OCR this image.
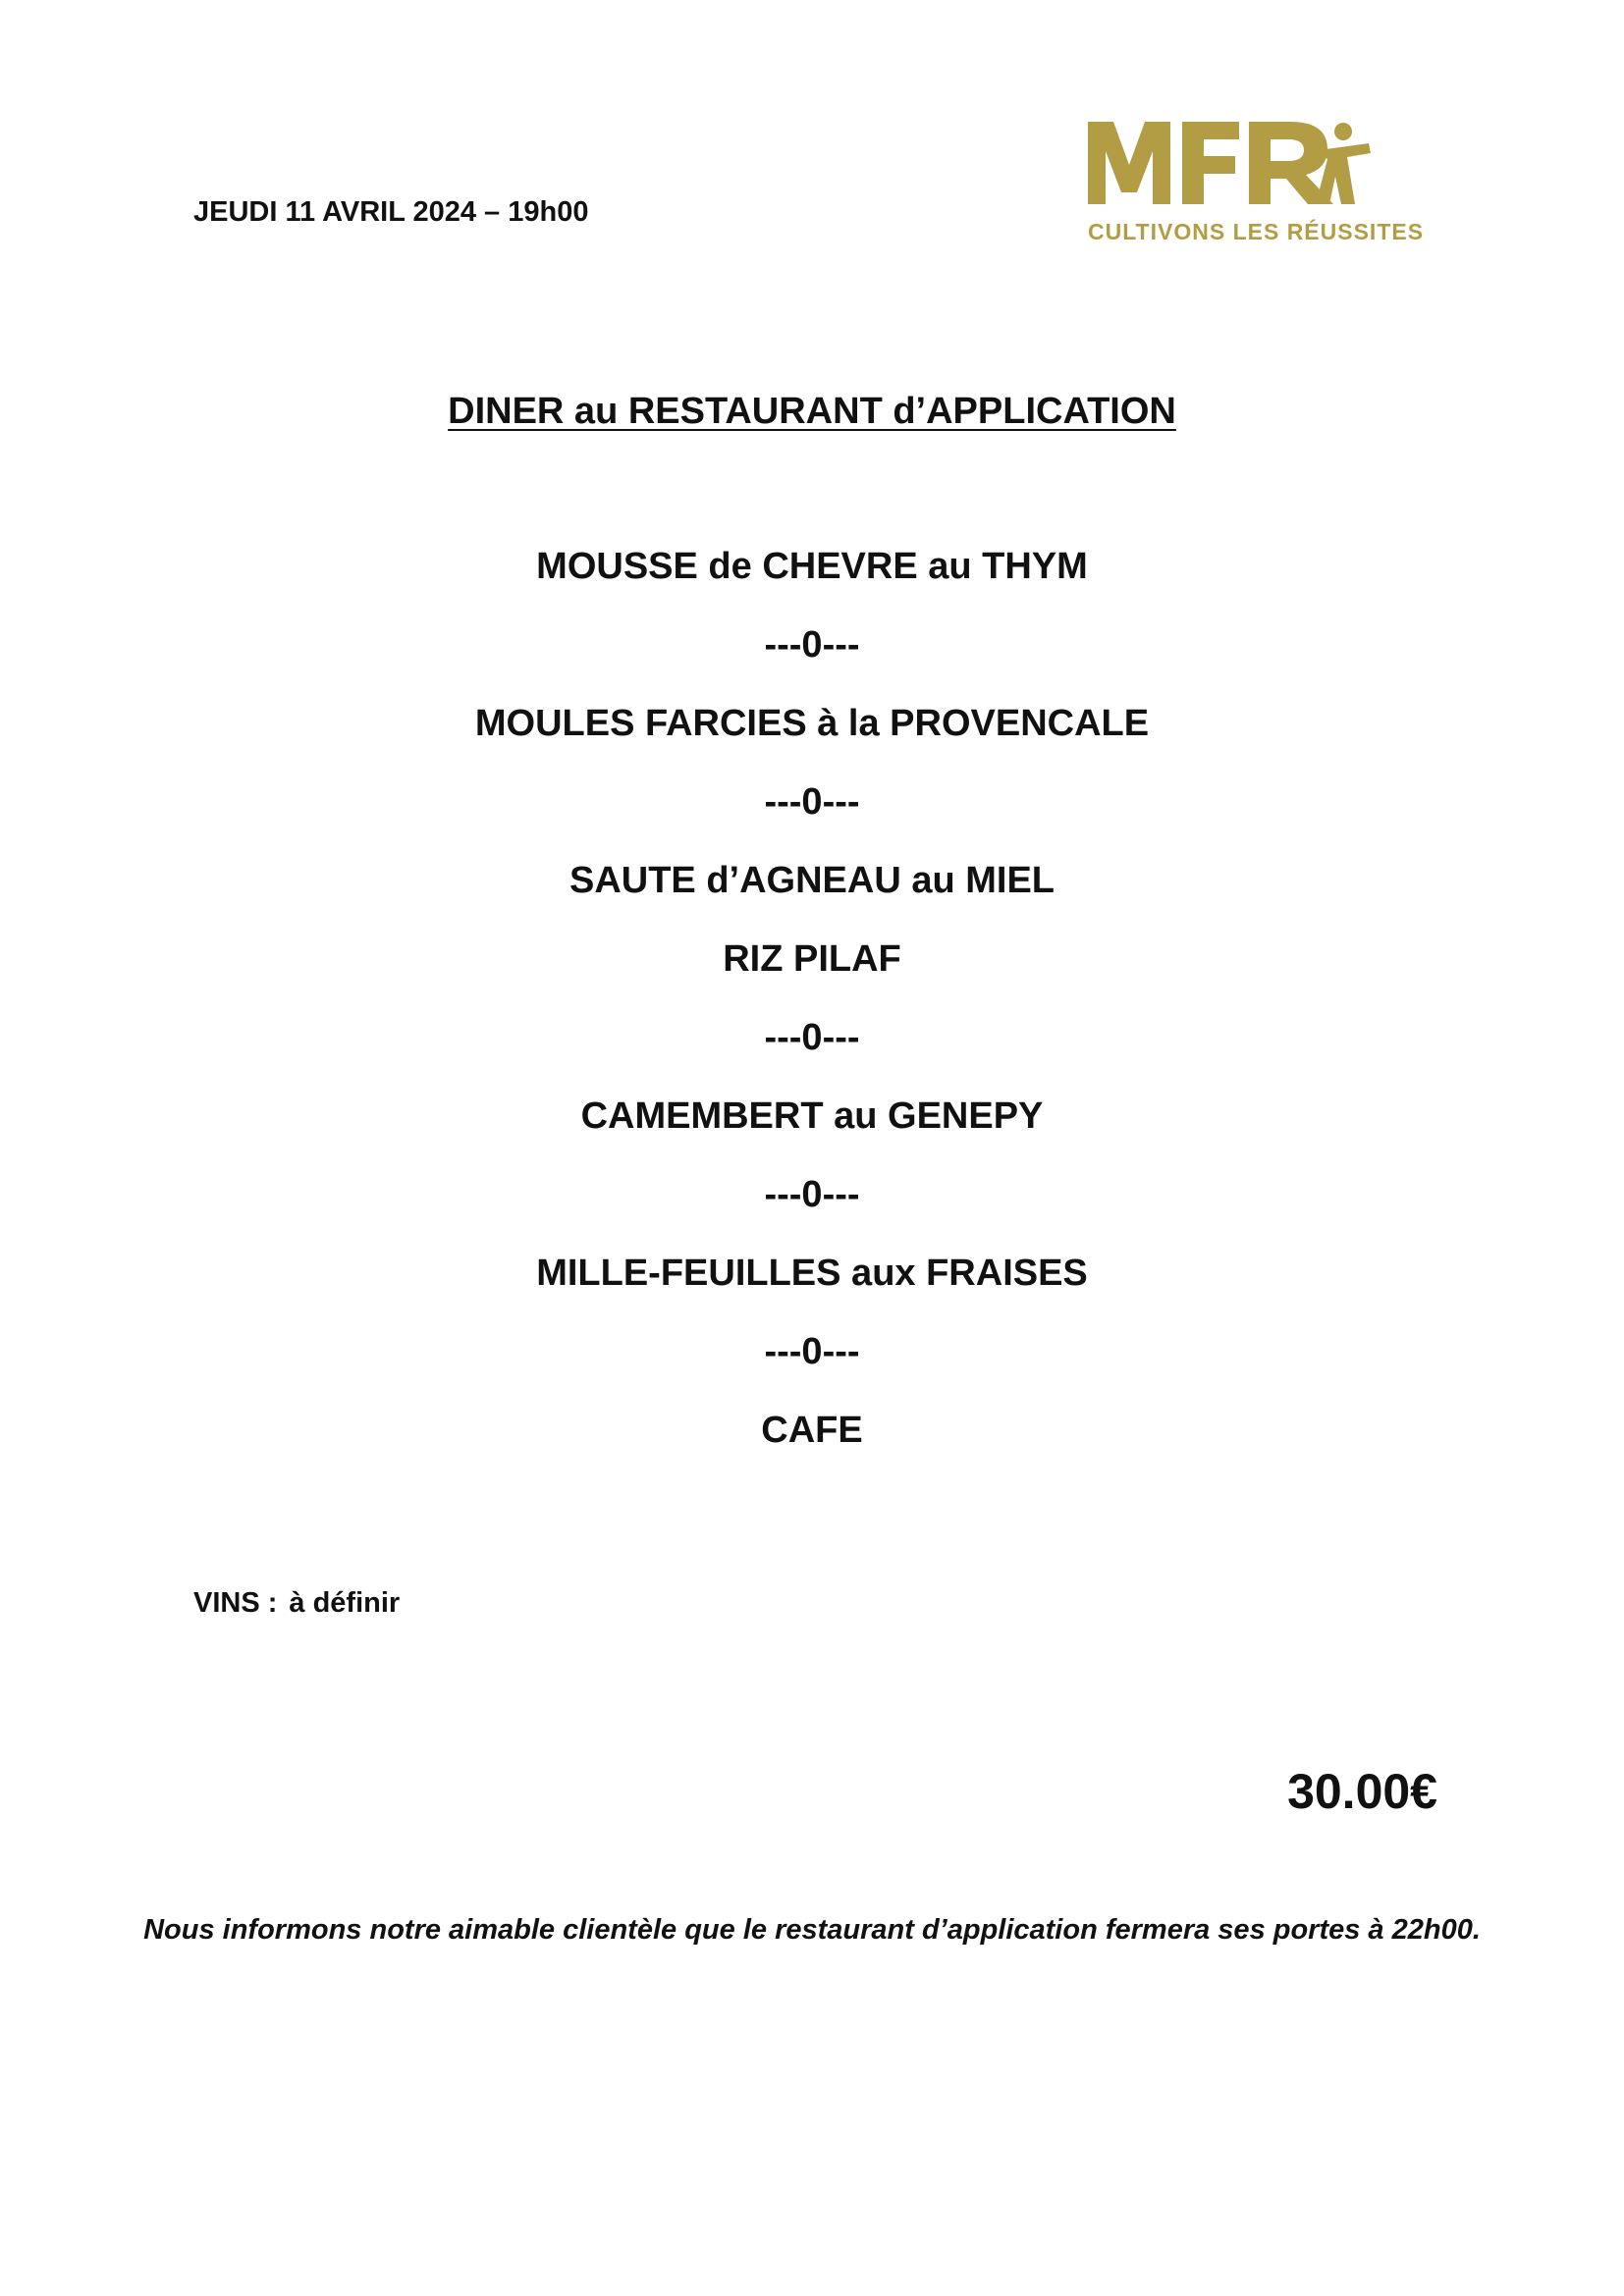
JEUDI 11 AVRIL 2024 – 19h00
CULTIVONS LES RÉUSSITES
DINER au RESTAURANT d’APPLICATION
MOUSSE de CHEVRE au THYM
---0---
MOULES FARCIES à la PROVENCALE
---0---
SAUTE d’AGNEAU au MIEL
RIZ PILAF
---0---
CAMEMBERT au GENEPY
---0---
MILLE-FEUILLES aux FRAISES
---0---
CAFE
VINS : à définir
30.00€
Nous informons notre aimable clientèle que le restaurant d’application fermera ses portes à 22h00.
